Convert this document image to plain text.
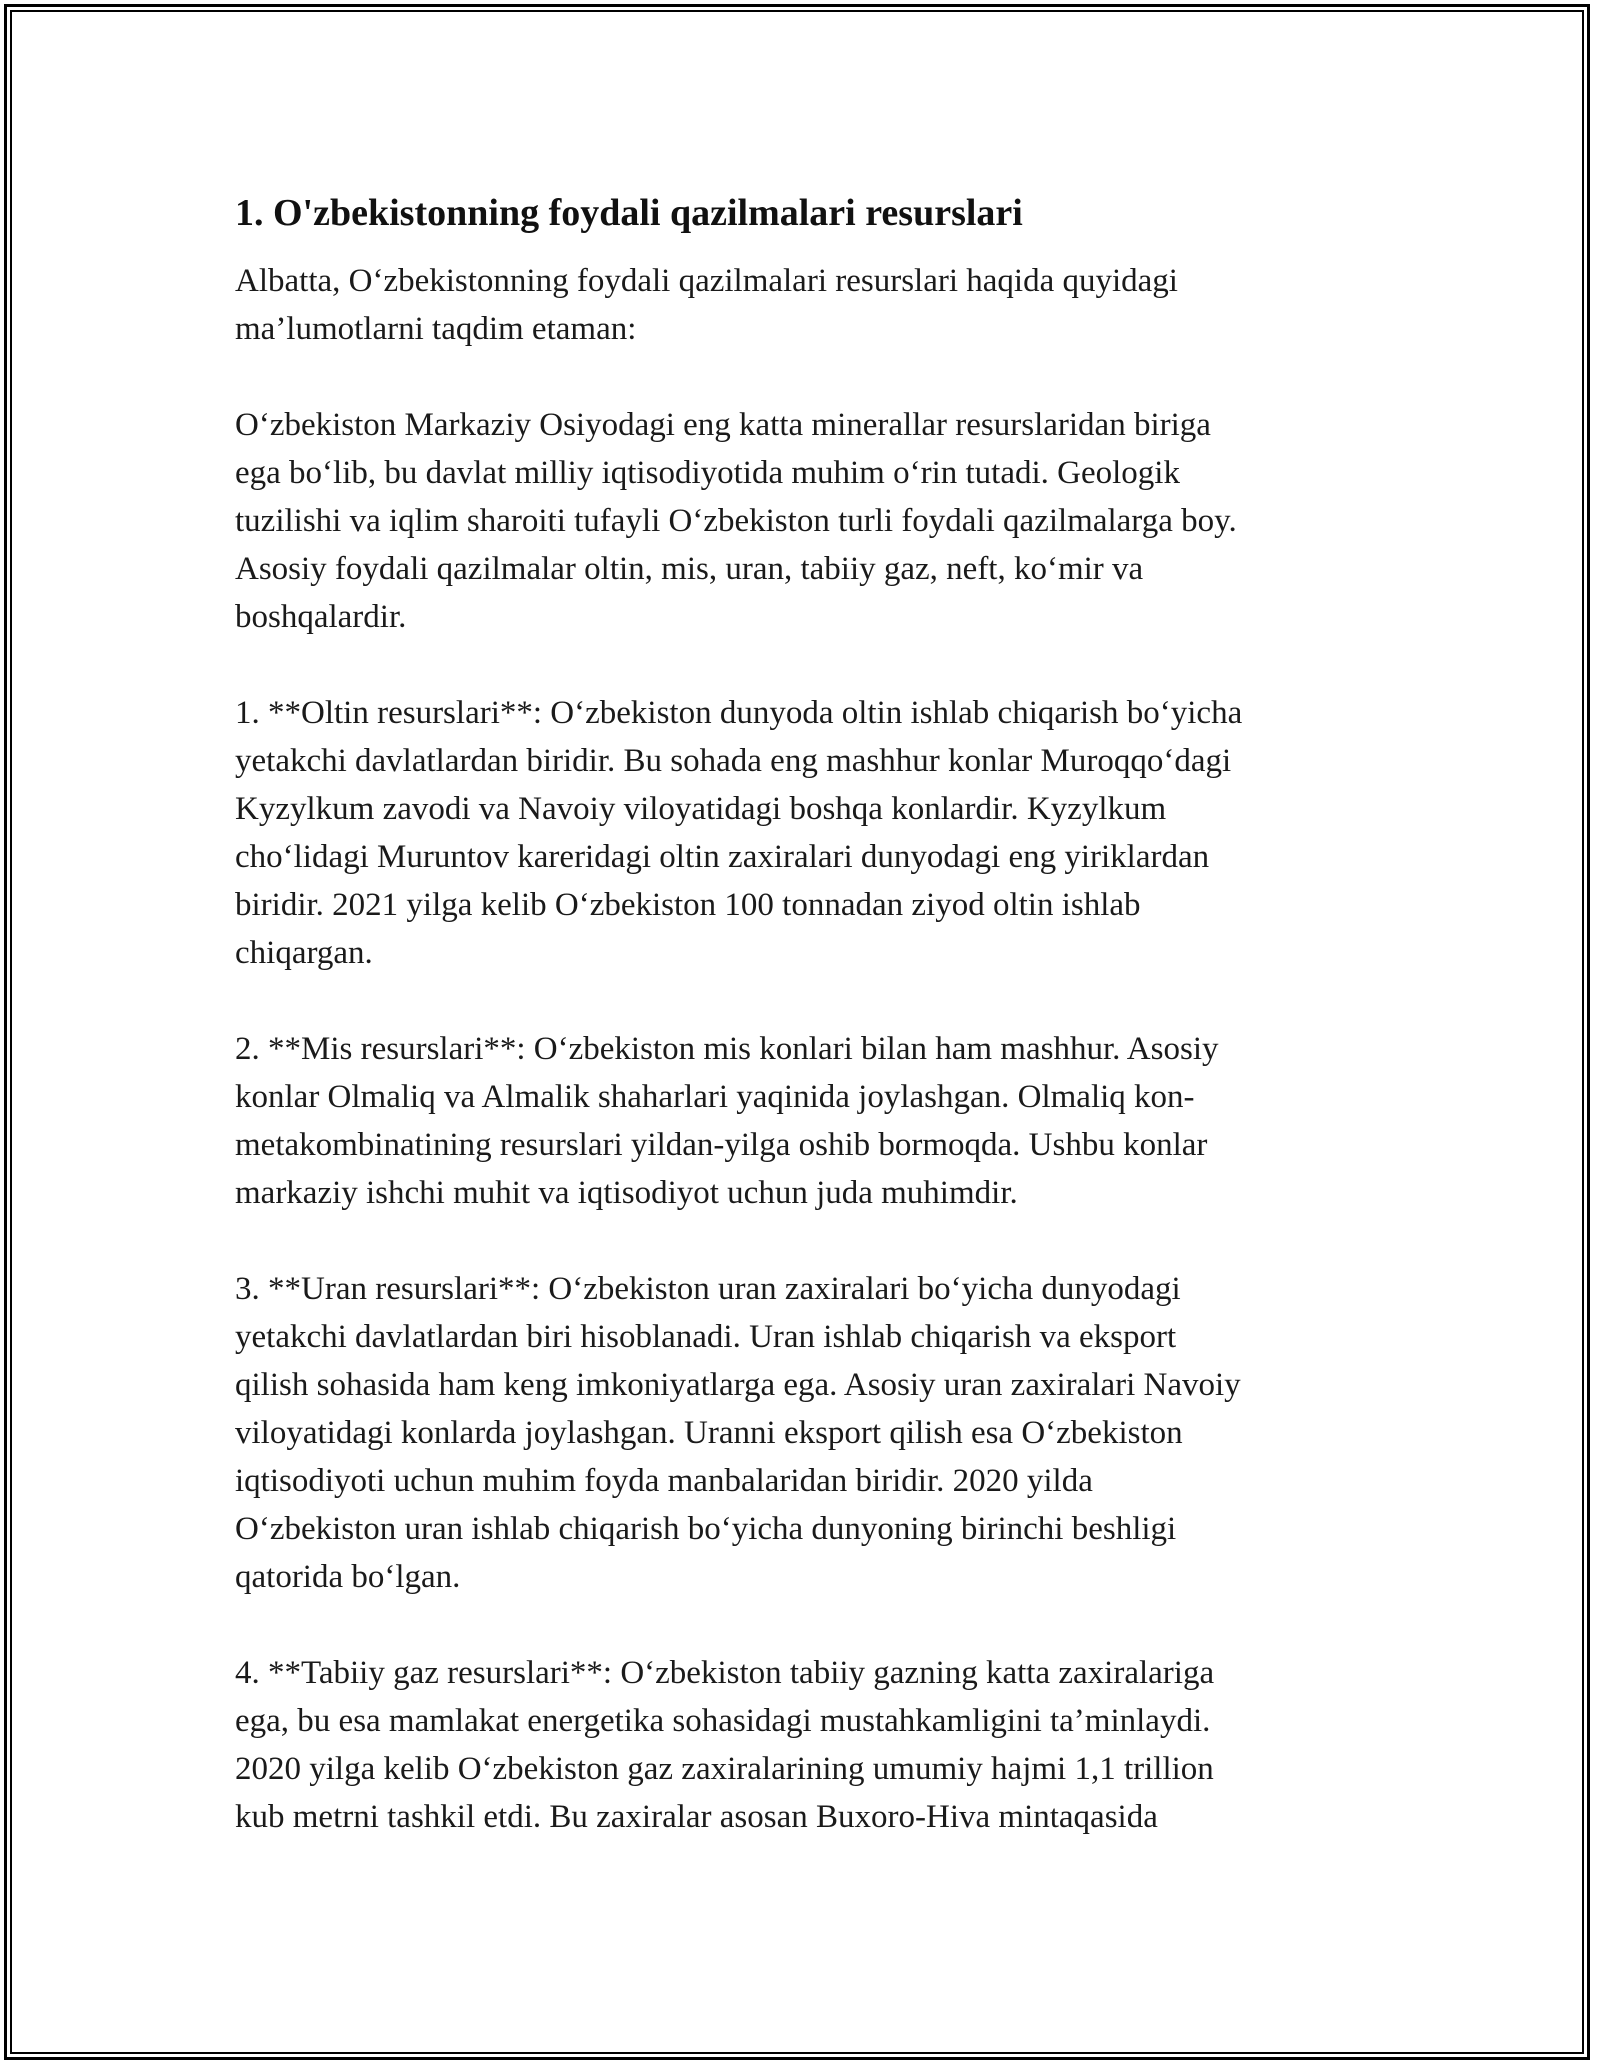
1. O'zbekistonning foydali qazilmalari resurslari

Albatta, O‘zbekistonning foydali qazilmalari resurslari haqida quyidagi
ma’lumotlarni taqdim etaman:

O‘zbekiston Markaziy Osiyodagi eng katta minerallar resurslaridan biriga
ega bo‘lib, bu davlat milliy iqtisodiyotida muhim o‘rin tutadi. Geologik
tuzilishi va iqlim sharoiti tufayli O‘zbekiston turli foydali qazilmalarga boy.
Asosiy foydali qazilmalar oltin, mis, uran, tabiiy gaz, neft, ko‘mir va
boshqalardir.

1. **Oltin resurslari**: O‘zbekiston dunyoda oltin ishlab chiqarish bo‘yicha
yetakchi davlatlardan biridir. Bu sohada eng mashhur konlar Muroqqo‘dagi
Kyzylkum zavodi va Navoiy viloyatidagi boshqa konlardir. Kyzylkum
cho‘lidagi Muruntov kareridagi oltin zaxiralari dunyodagi eng yiriklardan
biridir. 2021 yilga kelib O‘zbekiston 100 tonnadan ziyod oltin ishlab
chiqargan.

2. **Mis resurslari**: O‘zbekiston mis konlari bilan ham mashhur. Asosiy
konlar Olmaliq va Almalik shaharlari yaqinida joylashgan. Olmaliq kon-
metakombinatining resurslari yildan-yilga oshib bormoqda. Ushbu konlar
markaziy ishchi muhit va iqtisodiyot uchun juda muhimdir.

3. **Uran resurslari**: O‘zbekiston uran zaxiralari bo‘yicha dunyodagi
yetakchi davlatlardan biri hisoblanadi. Uran ishlab chiqarish va eksport
qilish sohasida ham keng imkoniyatlarga ega. Asosiy uran zaxiralari Navoiy
viloyatidagi konlarda joylashgan. Uranni eksport qilish esa O‘zbekiston
iqtisodiyoti uchun muhim foyda manbalaridan biridir. 2020 yilda
O‘zbekiston uran ishlab chiqarish bo‘yicha dunyoning birinchi beshligi
qatorida bo‘lgan.

4. **Tabiiy gaz resurslari**: O‘zbekiston tabiiy gazning katta zaxiralariga
ega, bu esa mamlakat energetika sohasidagi mustahkamligini ta’minlaydi.
2020 yilga kelib O‘zbekiston gaz zaxiralarining umumiy hajmi 1,1 trillion
kub metrni tashkil etdi. Bu zaxiralar asosan Buxoro-Hiva mintaqasida
